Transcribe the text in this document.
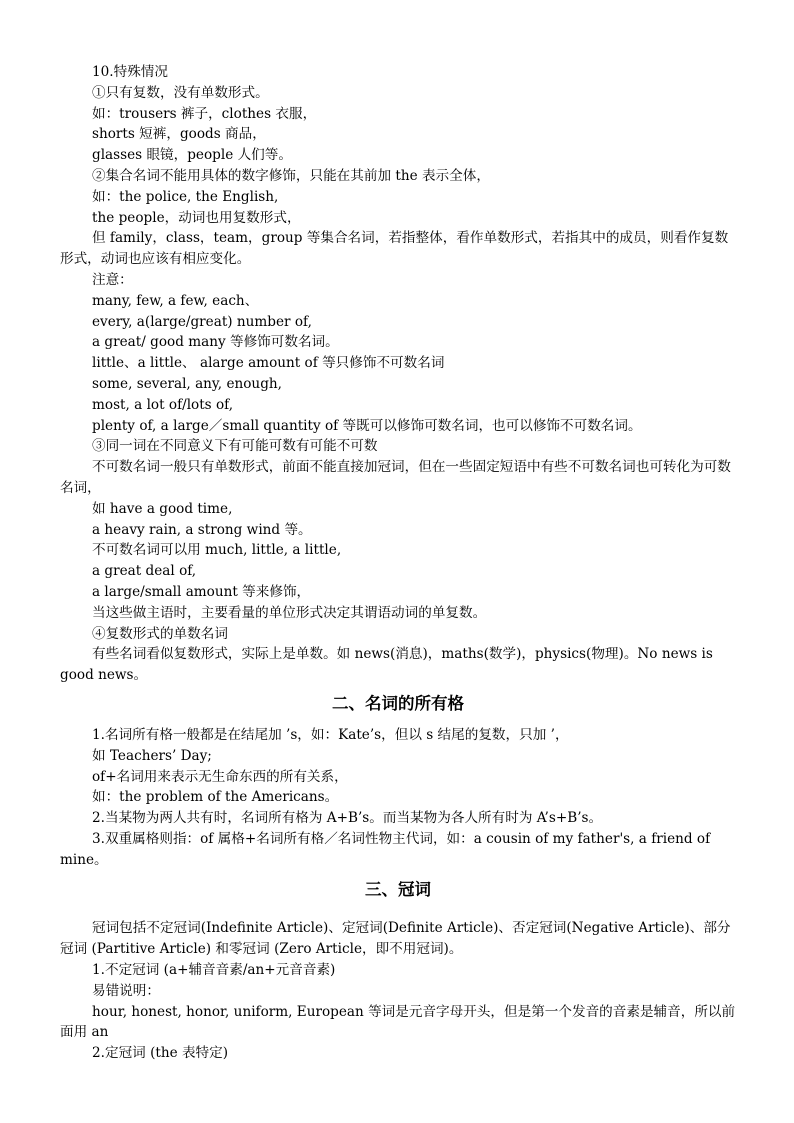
10.特殊情况

①只有复数，没有单数形式。

如：trousers 裤子，clothes 衣服，

shorts 短裤，goods 商品，

glasses 眼镜，people 人们等。

②集合名词不能用具体的数字修饰，只能在其前加 the 表示全体，

如：the police, the English,

the people，动词也用复数形式，

但 family，class，team，group 等集合名词，若指整体，看作单数形式，若指其中的成员，则看作复数形式，动词也应该有相应变化。

注意：

many, few, a few, each、

every, a(large/great) number of,

a great/ good many 等修饰可数名词。

little、a little、 alarge amount of 等只修饰不可数名词

some, several, any, enough,

most, a lot of/lots of,

plenty of, a large／small quantity of 等既可以修饰可数名词，也可以修饰不可数名词。

③同一词在不同意义下有可能可数有可能不可数

不可数名词一般只有单数形式，前面不能直接加冠词，但在一些固定短语中有些不可数名词也可转化为可数名词，

如 have a good time,

a heavy rain, a strong wind 等。

不可数名词可以用 much, little, a little,

a great deal of,

a large/small amount 等来修饰，

当这些做主语时，主要看量的单位形式决定其谓语动词的单复数。

④复数形式的单数名词

有些名词看似复数形式，实际上是单数。如 news(消息)，maths(数学)，physics(物理)。No news is good news。

二、名词的所有格

1.名词所有格一般都是在结尾加 ’s，如：Kate’s，但以 s 结尾的复数，只加 ’，

如 Teachers’ Day;

of+名词用来表示无生命东西的所有关系，

如：the problem of the Americans。

2.当某物为两人共有时，名词所有格为 A+B’s。而当某物为各人所有时为 A’s+B’s。

3.双重属格则指：of 属格+名词所有格／名词性物主代词，如：a cousin of my father's, a friend of mine。

三、冠词

冠词包括不定冠词(Indefinite Article)、定冠词(Definite Article)、否定冠词(Negative Article)、部分冠词 (Partitive Article) 和零冠词 (Zero Article，即不用冠词)。

1.不定冠词 (a+辅音音素/an+元音音素)

易错说明：

hour, honest, honor, uniform, European 等词是元音字母开头，但是第一个发音的音素是辅音，所以前面用 an

2.定冠词 (the 表特定)
